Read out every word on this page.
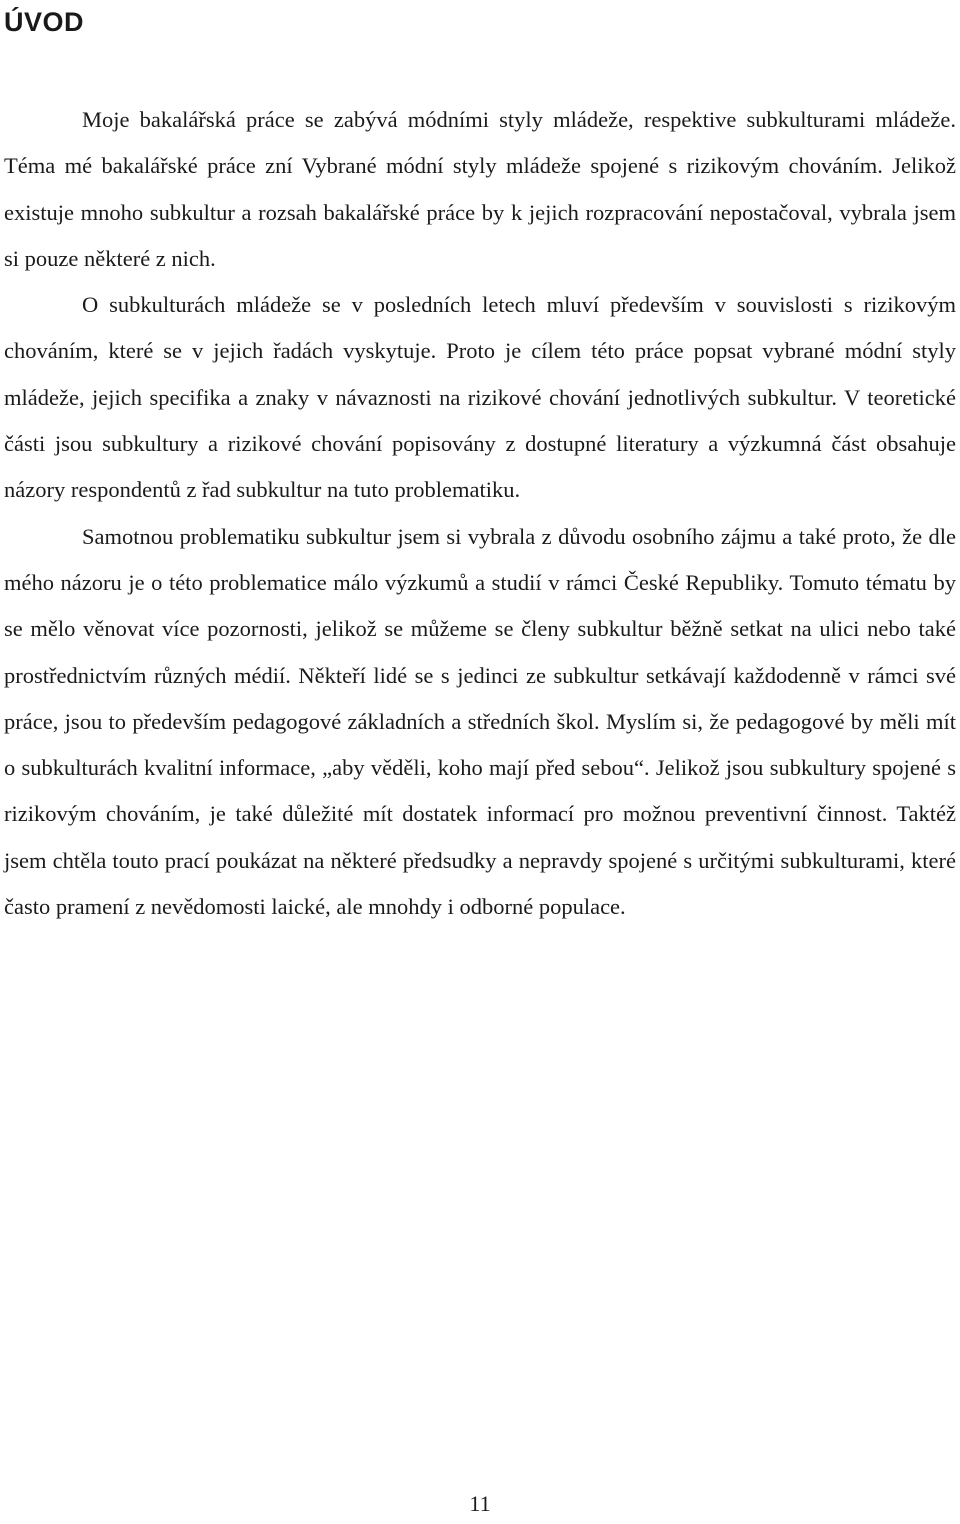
ÚVOD

Moje bakalářská práce se zabývá módními styly mládeže, respektive subkulturami mládeže. Téma mé bakalářské práce zní Vybrané módní styly mládeže spojené s rizikovým chováním. Jelikož existuje mnoho subkultur a rozsah bakalářské práce by k jejich rozpracování nepostačoval, vybrala jsem si pouze některé z nich.

O subkulturách mládeže se v posledních letech mluví především v souvislosti s rizikovým chováním, které se v jejich řadách vyskytuje. Proto je cílem této práce popsat vybrané módní styly mládeže, jejich specifika a znaky v návaznosti na rizikové chování jednotlivých subkultur. V teoretické části jsou subkultury a rizikové chování popisovány z dostupné literatury a výzkumná část obsahuje názory respondentů z řad subkultur na tuto problematiku.

Samotnou problematiku subkultur jsem si vybrala z důvodu osobního zájmu a také proto, že dle mého názoru je o této problematice málo výzkumů a studií v rámci České Republiky. Tomuto tématu by se mělo věnovat více pozornosti, jelikož se můžeme se členy subkultur běžně setkat na ulici nebo také prostřednictvím různých médií. Někteří lidé se s jedinci ze subkultur setkávají každodenně v rámci své práce, jsou to především pedagogové základních a středních škol. Myslím si, že pedagogové by měli mít o subkulturách kvalitní informace, „aby věděli, koho mají před sebou“. Jelikož jsou subkultury spojené s rizikovým chováním, je také důležité mít dostatek informací pro možnou preventivní činnost. Taktéž jsem chtěla touto prací poukázat na některé předsudky a nepravdy spojené s určitými subkulturami, které často pramení z nevědomosti laické, ale mnohdy i odborné populace.

11
